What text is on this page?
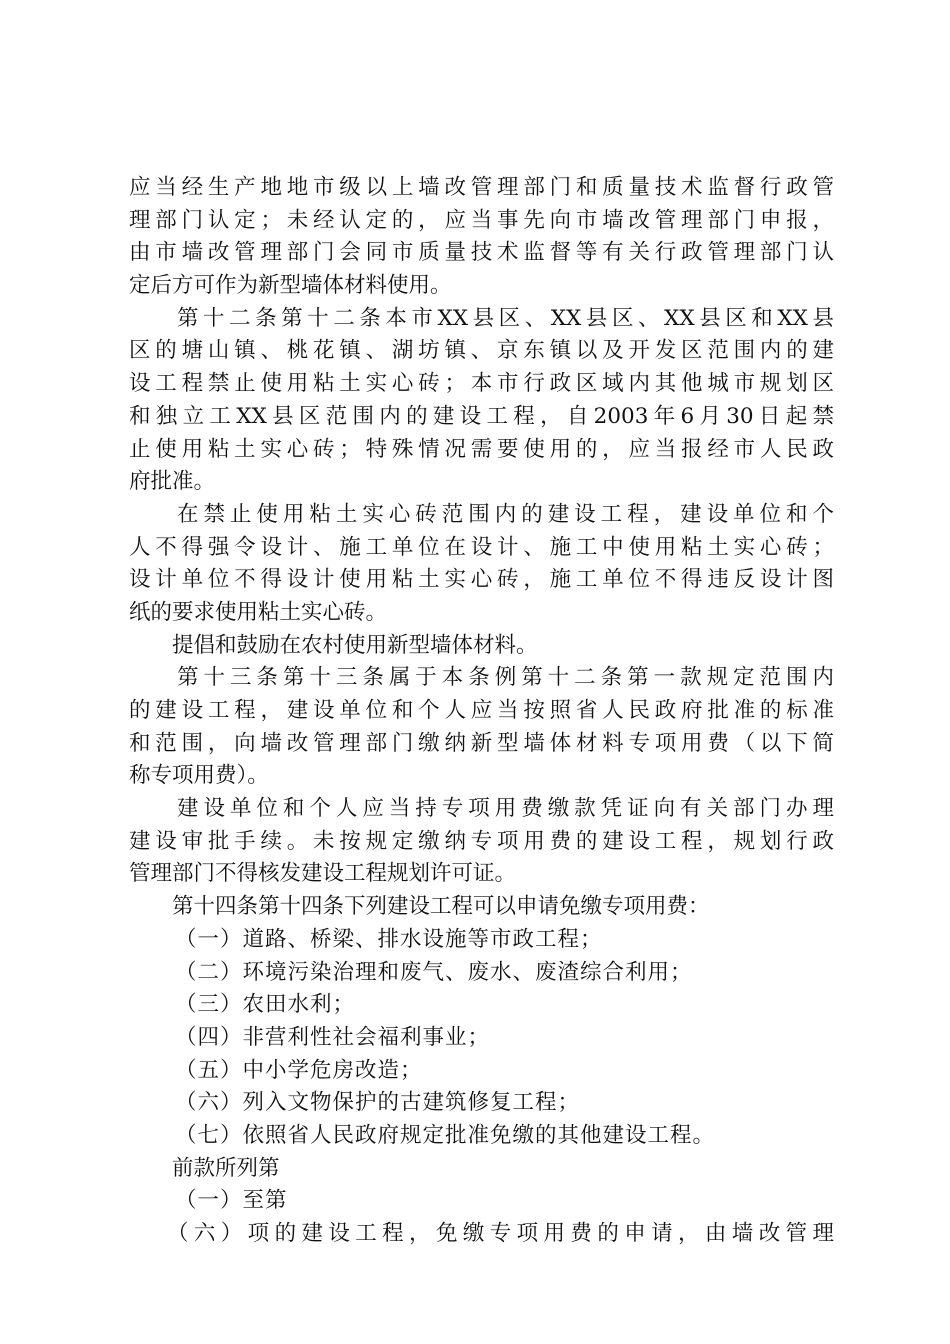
应当经生产地地市级以上墙改管理部门和质量技术监督行政管
理部门认定；未经认定的，应当事先向市墙改管理部门申报，
由市墙改管理部门会同市质量技术监督等有关行政管理部门认
定后方可作为新型墙体材料使用。
第十二条第十二条本市XX县区、XX县区、XX县区和XX县
区的塘山镇、桃花镇、湖坊镇、京东镇以及开发区范围内的建
设工程禁止使用粘土实心砖；本市行政区域内其他城市规划区
和独立工XX县区范围内的建设工程，自2003年6月30日起禁
止使用粘土实心砖；特殊情况需要使用的，应当报经市人民政
府批准。
在禁止使用粘土实心砖范围内的建设工程，建设单位和个
人不得强令设计、施工单位在设计、施工中使用粘土实心砖；
设计单位不得设计使用粘土实心砖，施工单位不得违反设计图
纸的要求使用粘土实心砖。
提倡和鼓励在农村使用新型墙体材料。
第十三条第十三条属于本条例第十二条第一款规定范围内
的建设工程，建设单位和个人应当按照省人民政府批准的标准
和范围，向墙改管理部门缴纳新型墙体材料专项用费（以下简
称专项用费）。
建设单位和个人应当持专项用费缴款凭证向有关部门办理
建设审批手续。未按规定缴纳专项用费的建设工程，规划行政
管理部门不得核发建设工程规划许可证。
第十四条第十四条下列建设工程可以申请免缴专项用费：
（一）道路、桥梁、排水设施等市政工程；
（二）环境污染治理和废气、废水、废渣综合利用；
（三）农田水利；
（四）非营利性社会福利事业；
（五）中小学危房改造；
（六）列入文物保护的古建筑修复工程；
（七）依照省人民政府规定批准免缴的其他建设工程。
前款所列第
（一）至第
（六）项的建设工程，免缴专项用费的申请，由墙改管理
